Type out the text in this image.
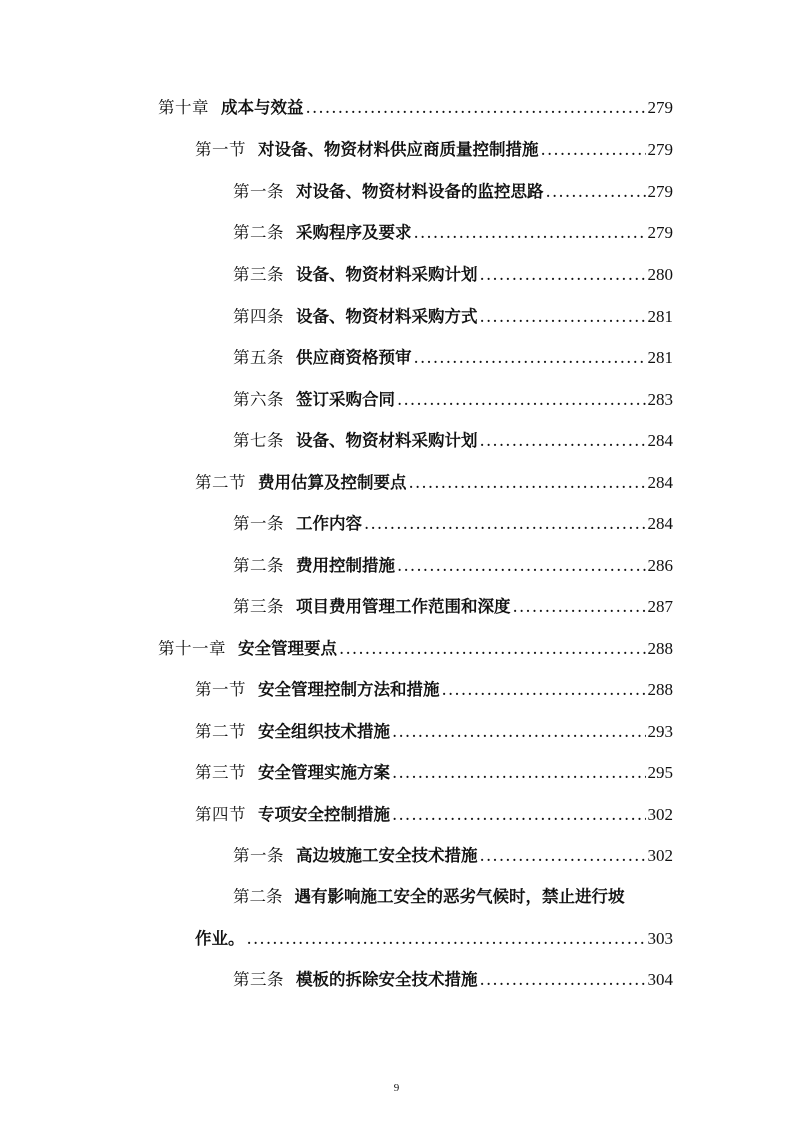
第十章 成本与效益 .....	279
第一节 对设备、物资材料供应商质量控制措施 .....	279
第一条 对设备、物资材料设备的监控思路 .....	279
第二条 采购程序及要求 .....	279
第三条 设备、物资材料采购计划 .....	280
第四条 设备、物资材料采购方式 .....	281
第五条 供应商资格预审 .....	281
第六条 签订采购合同 .....	283
第七条 设备、物资材料采购计划 .....	284
第二节 费用估算及控制要点 .....	284
第一条 工作内容 .....	284
第二条 费用控制措施 .....	286
第三条 项目费用管理工作范围和深度 .....	287
第十一章 安全管理要点 .....	288
第一节 安全管理控制方法和措施 .....	288
第二节 安全组织技术措施 .....	293
第三节 安全管理实施方案 .....	295
第四节 专项安全控制措施 .....	302
第一条 高边坡施工安全技术措施 .....	302
第二条 遇有影响施工安全的恶劣气候时，禁止进行坡
作业。 .....	303
第三条 模板的拆除安全技术措施 .....	304
9
